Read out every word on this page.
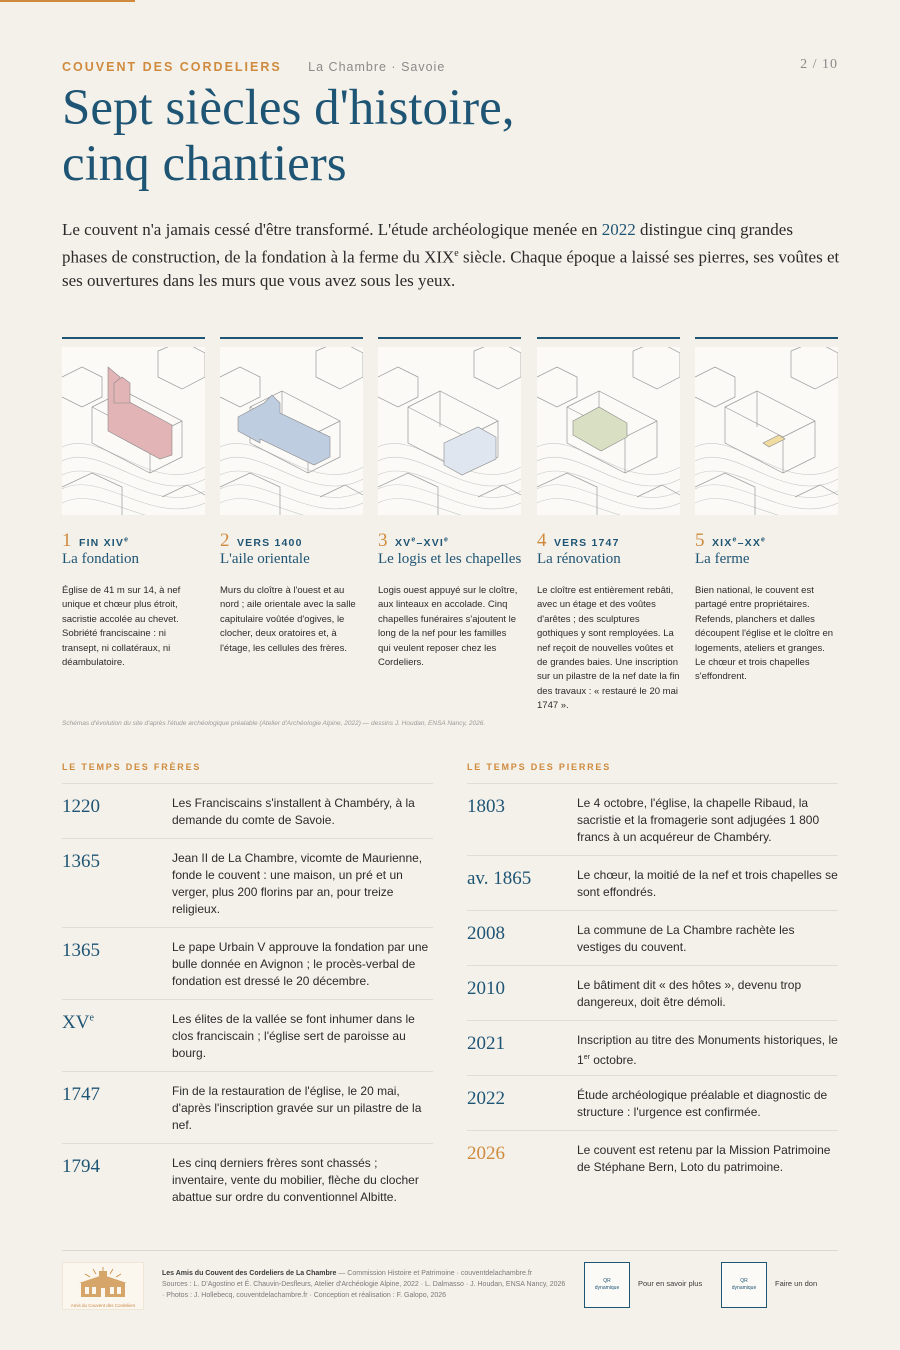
COUVENT DES CORDELIERS La Chambre · Savoie	2 / 10
Sept siècles d'histoire,
cinq chantiers

Le couvent n'a jamais cessé d'être transformé. L'étude archéologique menée en 2022 distingue cinq grandes phases de construction, de la fondation à la ferme du XIXe siècle. Chaque époque a laissé ses pierres, ses voûtes et ses ouvertures dans les murs que vous avez sous les yeux.

1 FIN XIVe
La fondation
Église de 41 m sur 14, à nef unique et chœur plus étroit, sacristie accolée au chevet. Sobriété franciscaine : ni transept, ni collatéraux, ni déambulatoire.
2 VERS 1400
L'aile orientale
Murs du cloître à l'ouest et au nord ; aile orientale avec la salle capitulaire voûtée d'ogives, le clocher, deux oratoires et, à l'étage, les cellules des frères.
3 XVe–XVIe
Le logis et les chapelles
Logis ouest appuyé sur le cloître, aux linteaux en accolade. Cinq chapelles funéraires s'ajoutent le long de la nef pour les familles qui veulent reposer chez les Cordeliers.
4 VERS 1747
La rénovation
Le cloître est entièrement rebâti, avec un étage et des voûtes d'arêtes ; des sculptures gothiques y sont remployées. La nef reçoit de nouvelles voûtes et de grandes baies. Une inscription sur un pilastre de la nef date la fin des travaux : « restauré le 20 mai 1747 ».
5 XIXe–XXe
La ferme
Bien national, le couvent est partagé entre propriétaires. Refends, planchers et dalles découpent l'église et le cloître en logements, ateliers et granges. Le chœur et trois chapelles s'effondrent.
Schémas d'évolution du site d'après l'étude archéologique préalable (Atelier d'Archéologie Alpine, 2022) — dessins J. Houdan, ENSA Nancy, 2026.
LE TEMPS DES FRÈRES
1220	Les Franciscains s'installent à Chambéry, à la demande du comte de Savoie.
1365	Jean II de La Chambre, vicomte de Maurienne, fonde le couvent : une maison, un pré et un verger, plus 200 florins par an, pour treize religieux.
1365	Le pape Urbain V approuve la fondation par une bulle donnée en Avignon ; le procès-verbal de fondation est dressé le 20 décembre.
XVe	Les élites de la vallée se font inhumer dans le clos franciscain ; l'église sert de paroisse au bourg.
1747	Fin de la restauration de l'église, le 20 mai, d'après l'inscription gravée sur un pilastre de la nef.
1794	Les cinq derniers frères sont chassés ; inventaire, vente du mobilier, flèche du clocher abattue sur ordre du conventionnel Albitte.
LE TEMPS DES PIERRES
1803	Le 4 octobre, l'église, la chapelle Ribaud, la sacristie et la fromagerie sont adjugées 1 800 francs à un acquéreur de Chambéry.
av. 1865	Le chœur, la moitié de la nef et trois chapelles se sont effondrés.
2008	La commune de La Chambre rachète les vestiges du couvent.
2010	Le bâtiment dit « des hôtes », devenu trop dangereux, doit être démoli.
2021	Inscription au titre des Monuments historiques, le 1er octobre.
2022	Étude archéologique préalable et diagnostic de structure : l'urgence est confirmée.
2026	Le couvent est retenu par la Mission Patrimoine de Stéphane Bern, Loto du patrimoine.
Amis du Couvent des Cordeliers
Les Amis du Couvent des Cordeliers de La Chambre — Commission Histoire et Patrimoine · couventdelachambre.fr
Sources : L. D'Agostino et É. Chauvin-Desfleurs, Atelier d'Archéologie Alpine, 2022 · L. Dalmasso · J. Houdan, ENSA Nancy, 2026 · Photos : J. Hollebecq, couventdelachambre.fr · Conception et réalisation : F. Galopo, 2026
QR
dynamique	Pour en savoir plus	QR
dynamique	Faire un don
